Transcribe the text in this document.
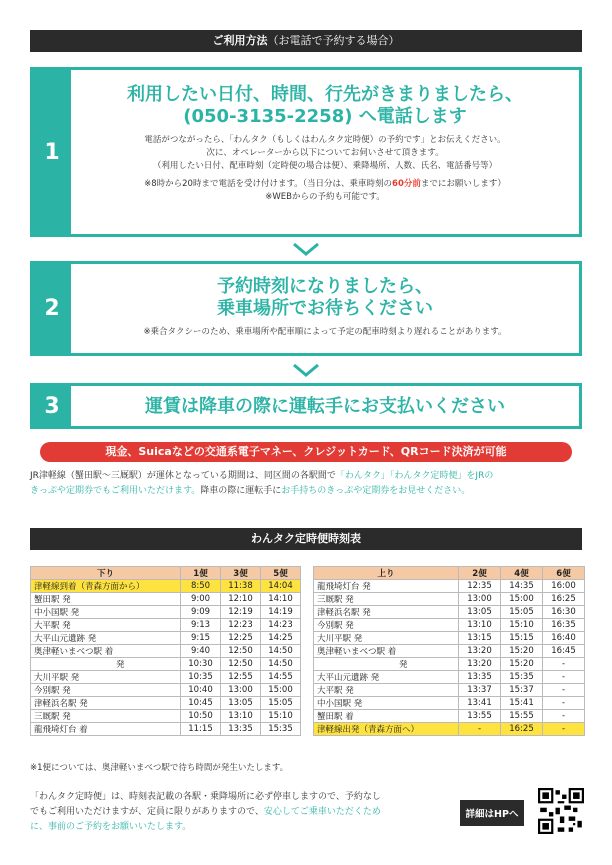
ご利用方法（お電話で予約する場合）
1
利用したい日付、時間、行先がきまりましたら、
(050-3135-2258) へ電話します
電話がつながったら、「わんタク（もしくはわんタク定時便）の予約です」とお伝えください。
次に、オペレーターから以下についてお伺いさせて頂きます。
（利用したい日付、配車時刻（定時便の場合は便）、乗降場所、人数、氏名、電話番号等）
※8時から20時まで電話を受け付けます。（当日分は、乗車時刻の60分前までにお願いします）
※WEBからの予約も可能です。
2
予約時刻になりましたら、
乗車場所でお待ちください
※乗合タクシーのため、乗車場所や配車順によって予定の配車時刻より遅れることがあります。
3	運賃は降車の際に運転手にお支払いください
現金、Suicaなどの交通系電子マネー、クレジットカード、QRコード決済が可能
JR津軽線（蟹田駅～三厩駅）が運休となっている期間は、同区間の各駅間で「わんタク」「わんタク定時便」をJRの
きっぷや定期券でもご利用いただけます。降車の際に運転手にお手持ちのきっぷや定期券をお見せください。
わんタク定時便時刻表
下り	1便	3便	5便
津軽線到着（青森方面から）	8:50	11:38	14:04
蟹田駅 発	9:00	12:10	14:10
中小国駅 発	9:09	12:19	14:19
大平駅 発	9:13	12:23	14:23
大平山元遺跡 発	9:15	12:25	14:25
奥津軽いまべつ駅 着	9:40	12:50	14:50
発	10:30	12:50	14:50
大川平駅 発	10:35	12:55	14:55
今別駅 発	10:40	13:00	15:00
津軽浜名駅 発	10:45	13:05	15:05
三厩駅 発	10:50	13:10	15:10
龍飛埼灯台 着	11:15	13:35	15:35
上り	2便	4便	6便
龍飛埼灯台 発	12:35	14:35	16:00
三厩駅 発	13:00	15:00	16:25
津軽浜名駅 発	13:05	15:05	16:30
今別駅 発	13:10	15:10	16:35
大川平駅 発	13:15	15:15	16:40
奥津軽いまべつ駅 着	13:20	15:20	16:45
発	13:20	15:20	-
大平山元遺跡 発	13:35	15:35	-
大平駅 発	13:37	15:37	-
中小国駅 発	13:41	15:41	-
蟹田駅 着	13:55	15:55	-
津軽線出発（青森方面へ）	-	16:25	-
※1便については、奥津軽いまべつ駅で待ち時間が発生いたします。
「わんタク定時便」は、時刻表記載の各駅・乗降場所に必ず停車しますので、予約なし
でもご利用いただけますが、定員に限りがありますので、安心してご乗車いただくため
に、事前のご予約をお願いいたします。
詳細はHPへ
